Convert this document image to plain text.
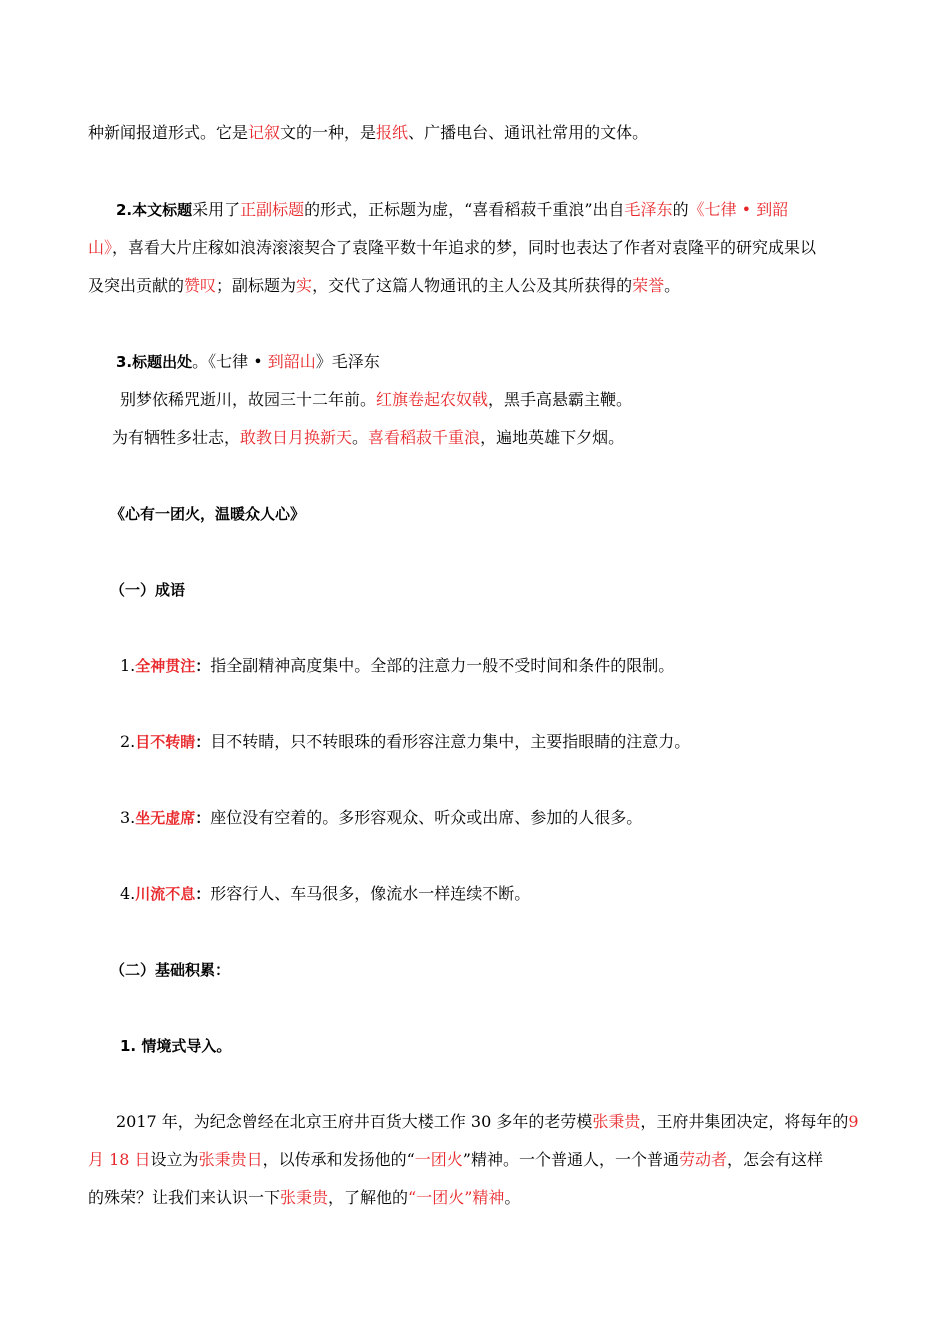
种新闻报道形式。它是记叙文的一种，是报纸、广播电台、通讯社常用的文体。
2.本文标题采用了正副标题的形式，正标题为虚，“喜看稻菽千重浪”出自毛泽东的《七律 • 到韶
山》，喜看大片庄稼如浪涛滚滚契合了袁隆平数十年追求的梦，同时也表达了作者对袁隆平的研究成果以
及突出贡献的赞叹；副标题为实，交代了这篇人物通讯的主人公及其所获得的荣誉。
3.标题出处。《七律 • 到韶山》毛泽东
别梦依稀咒逝川，故园三十二年前。红旗卷起农奴戟，黑手高悬霸主鞭。
为有牺牲多壮志，敢教日月换新天。喜看稻菽千重浪，遍地英雄下夕烟。
《心有一团火，温暖众人心》
（一）成语
1.全神贯注：指全副精神高度集中。全部的注意力一般不受时间和条件的限制。
2.目不转睛：目不转睛，只不转眼珠的看形容注意力集中，主要指眼睛的注意力。
3.坐无虚席：座位没有空着的。多形容观众、听众或出席、参加的人很多。
4.川流不息：形容行人、车马很多，像流水一样连续不断。
（二）基础积累：
1. 情境式导入。
2017 年，为纪念曾经在北京王府井百货大楼工作 30 多年的老劳模张秉贵，王府井集团决定，将每年的9
月 18 日设立为张秉贵日，以传承和发扬他的“一团火”精神。一个普通人，一个普通劳动者，怎会有这样
的殊荣？让我们来认识一下张秉贵，了解他的“一团火”精神。
